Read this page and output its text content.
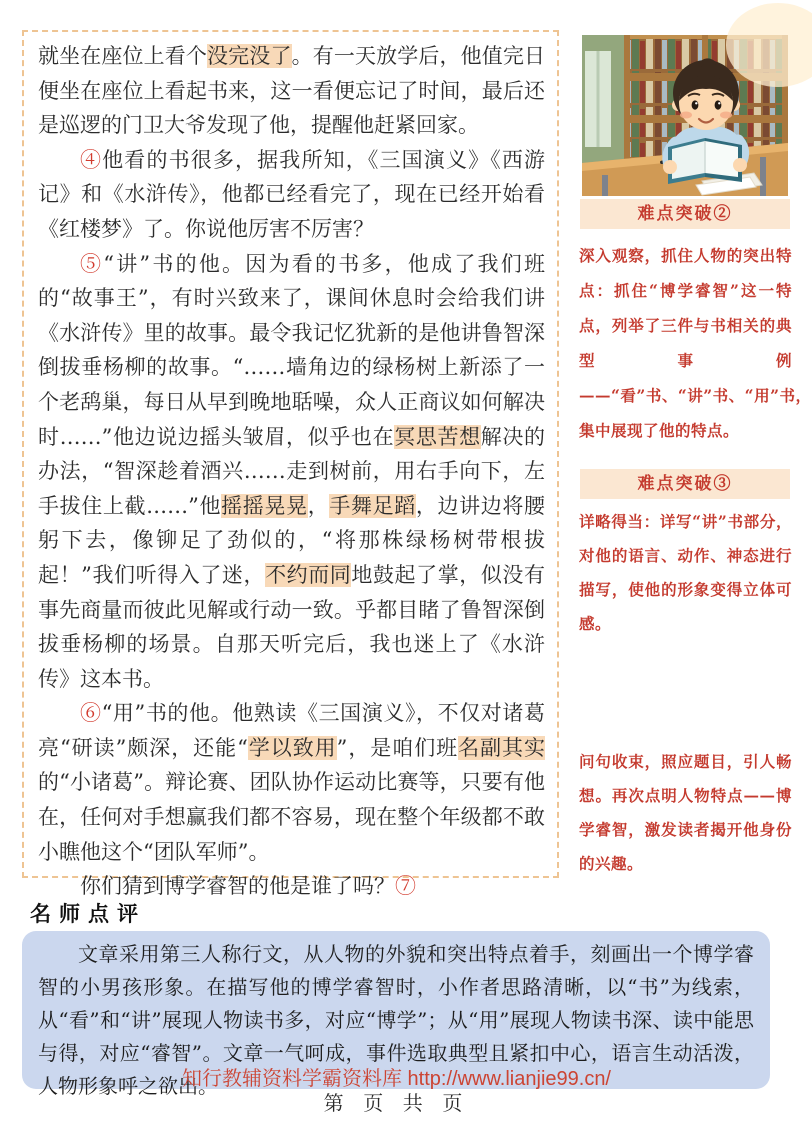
就坐在座位上看个没完没了。有一天放学后，他值完日便坐在座位上看起书来，这一看便忘记了时间，最后还是巡逻的门卫大爷发现了他，提醒他赶紧回家。

④他看的书很多，据我所知，《三国演义》《西游记》和《水浒传》，他都已经看完了，现在已经开始看《红楼梦》了。你说他厉害不厉害？

⑤“讲”书的他。因为看的书多，他成了我们班的“故事王”，有时兴致来了，课间休息时会给我们讲《水浒传》里的故事。最令我记忆犹新的是他讲鲁智深倒拔垂杨柳的故事。“……墙角边的绿杨树上新添了一个老鸹巢，每日从早到晚地聒噪，众人正商议如何解决时……”他边说边摇头皱眉，似乎也在冥思苦想解决的办法，“智深趁着酒兴……走到树前，用右手向下，左手拔住上截……”他摇摇晃晃，手舞足蹈，边讲边将腰躬下去，像铆足了劲似的，“将那株绿杨树带根拔起！”我们听得入了迷，不约而同地鼓起了掌，似没有事先商量而彼此见解或行动一致。乎都目睹了鲁智深倒拔垂杨柳的场景。自那天听完后，我也迷上了《水浒传》这本书。

⑥“用”书的他。他熟读《三国演义》，不仅对诸葛亮“研读”颇深，还能“学以致用”，是咱们班名副其实的“小诸葛”。辩论赛、团队协作运动比赛等，只要有他在，任何对手想赢我们都不容易，现在整个年级都不敢小瞧他这个“团队军师”。

你们猜到博学睿智的他是谁了吗？⑦

难点突破②
深入观察，抓住人物的突出特点：抓住“博学睿智”这一特点，列举了三件与书相关的典型事例——“看”书、“讲”书、“用”书，集中展现了他的特点。
难点突破③
详略得当：详写“讲”书部分，对他的语言、动作、神态进行描写，使他的形象变得立体可感。
问句收束，照应题目，引人畅想。再次点明人物特点——博学睿智，激发读者揭开他身份的兴趣。
名师点评

文章采用第三人称行文，从人物的外貌和突出特点着手，刻画出一个博学睿智的小男孩形象。在描写他的博学睿智时，小作者思路清晰，以“书”为线索，从“看”和“讲”展现人物读书多，对应“博学”；从“用”展现人物读书深、读中能思与得，对应“睿智”。文章一气呵成，事件选取典型且紧扣中心，语言生动活泼，人物形象呼之欲出。

知行教辅资料学霸资料库 http://www.lianjie99.cn/
第 页 共 页
